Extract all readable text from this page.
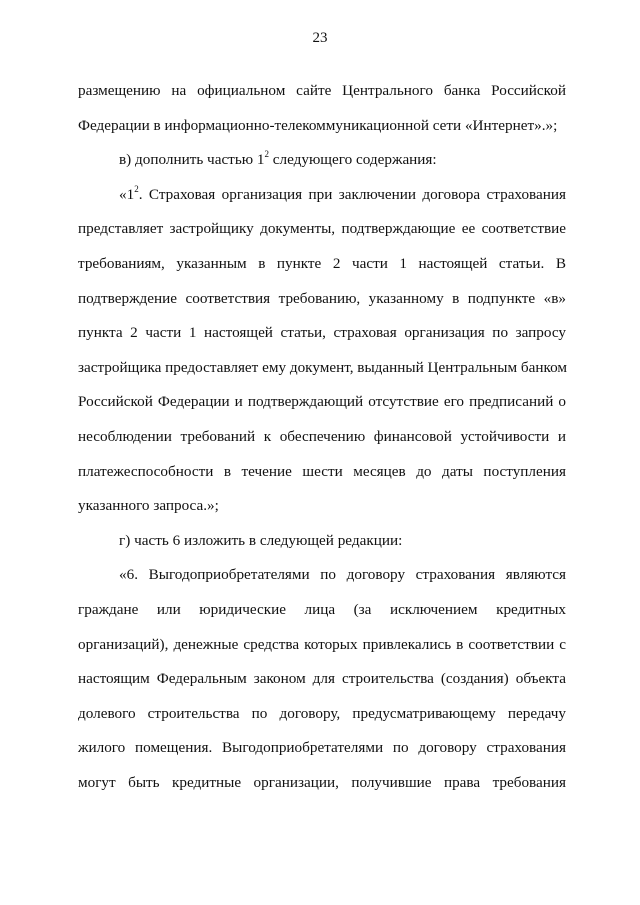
23

размещению на официальном сайте Центрального банка Российской
Федерации в информационно-телекоммуникационной сети «Интернет».»;

в) дополнить частью $1^2$ следующего содержания:

«$1^2$. Страховая организация при заключении договора страхования
представляет застройщику документы, подтверждающие ее соответствие
требованиям, указанным в пункте 2 части 1 настоящей статьи. В
подтверждение соответствия требованию, указанному в подпункте «в»
пункта 2 части 1 настоящей статьи, страховая организация по запросу
застройщика предоставляет ему документ, выданный Центральным банком
Российской Федерации и подтверждающий отсутствие его предписаний о
несоблюдении требований к обеспечению финансовой устойчивости и
платежеспособности в течение шести месяцев до даты поступления
указанного запроса.»;

г) часть 6 изложить в следующей редакции:

«6. Выгодоприобретателями по договору страхования являются
граждане или юридические лица (за исключением кредитных
организаций), денежные средства которых привлекались в соответствии с
настоящим Федеральным законом для строительства (создания) объекта
долевого строительства по договору, предусматривающему передачу
жилого помещения. Выгодоприобретателями по договору страхования
могут быть кредитные организации, получившие права требования
